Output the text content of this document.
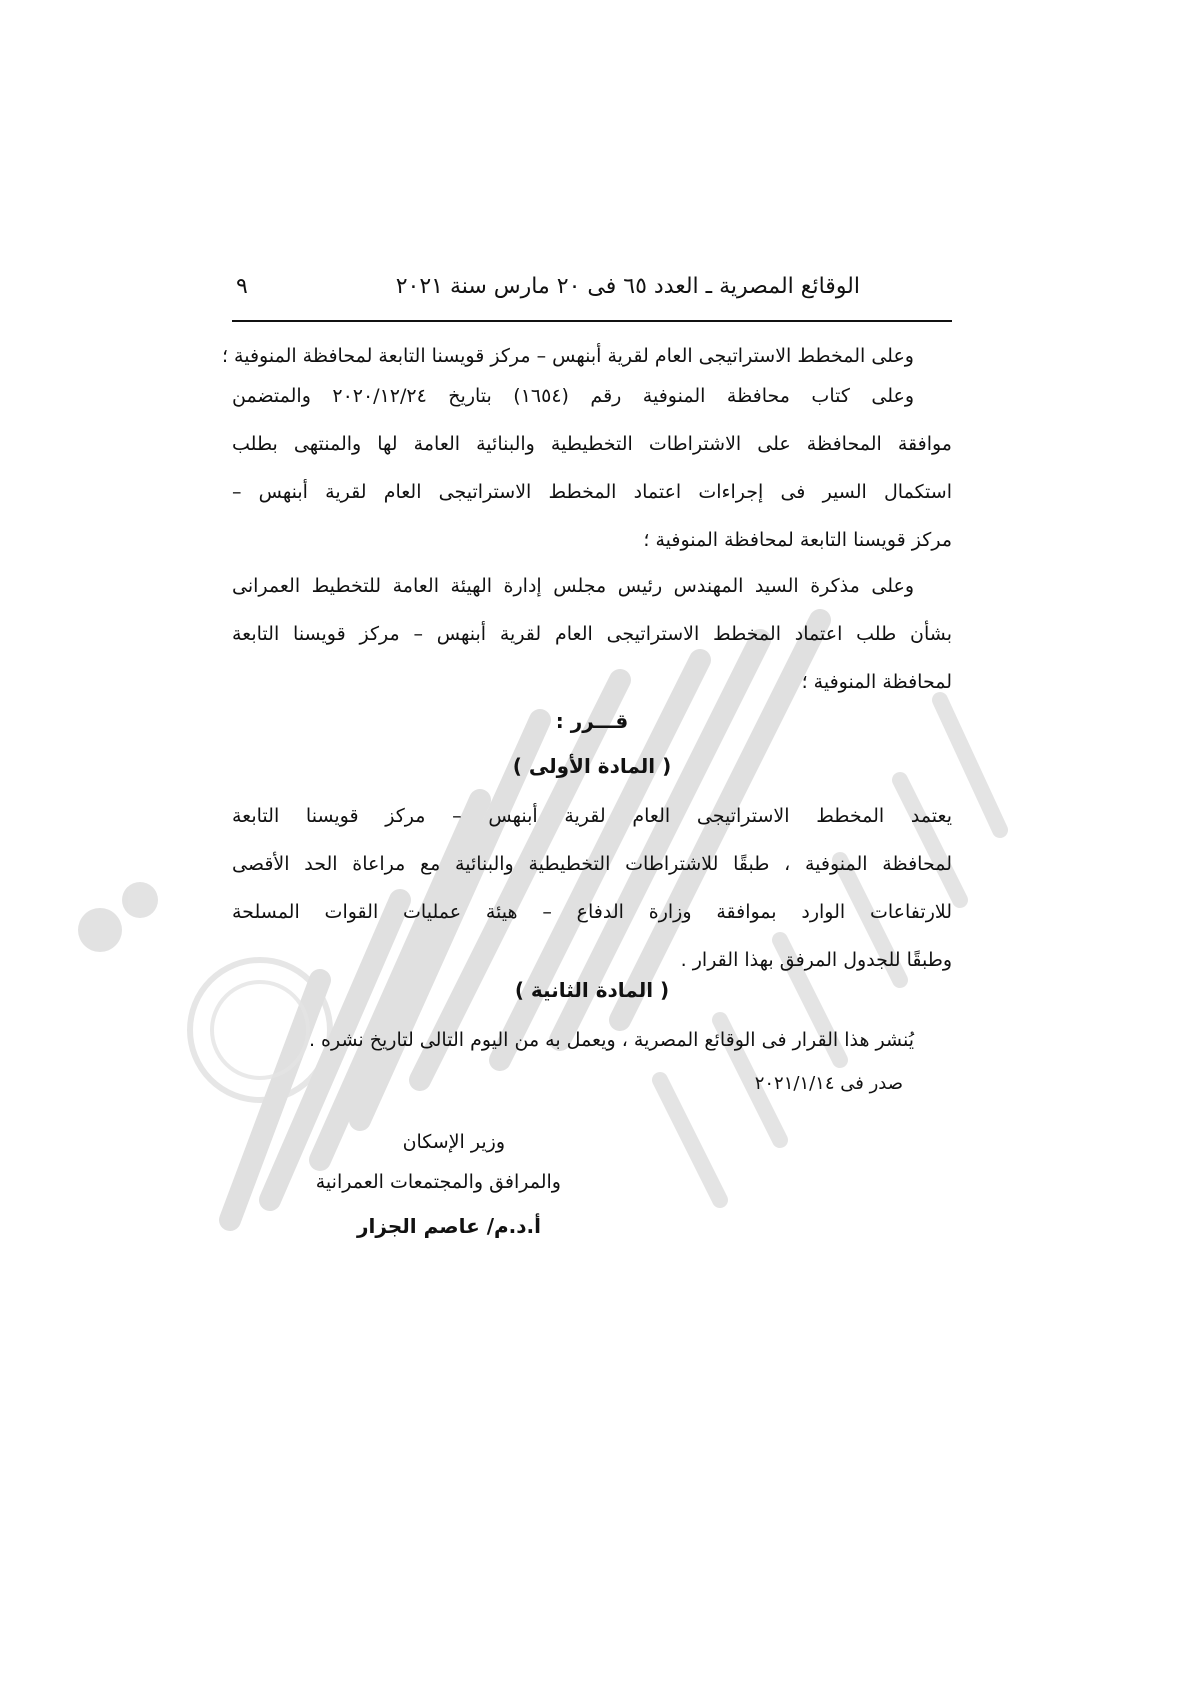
الوقائع المصرية ـ العدد ٦٥ فى ٢٠ مارس سنة ٢٠٢١
٩
وعلى المخطط الاستراتيجى العام لقرية أبنهس – مركز قويسنا التابعة لمحافظة المنوفية ؛
وعلى كتاب محافظة المنوفية رقم (١٦٥٤) بتاريخ ٢٠٢٠/١٢/٢٤ والمتضمن
موافقة المحافظة على الاشتراطات التخطيطية والبنائية العامة لها والمنتهى بطلب
استكمال السير فى إجراءات اعتماد المخطط الاستراتيجى العام لقرية أبنهس –
مركز قويسنا التابعة لمحافظة المنوفية ؛
وعلى مذكرة السيد المهندس رئيس مجلس إدارة الهيئة العامة للتخطيط العمرانى
بشأن طلب اعتماد المخطط الاستراتيجى العام لقرية أبنهس – مركز قويسنا التابعة
لمحافظة المنوفية ؛
قـــرر :
( المادة الأولى )
يعتمد المخطط الاستراتيجى العام لقرية أبنهس – مركز قويسنا التابعة
لمحافظة المنوفية ، طبقًا للاشتراطات التخطيطية والبنائية مع مراعاة الحد الأقصى
للارتفاعات الوارد بموافقة وزارة الدفاع – هيئة عمليات القوات المسلحة
وطبقًا للجدول المرفق بهذا القرار .
( المادة الثانية )
يُنشر هذا القرار فى الوقائع المصرية ، ويعمل به من اليوم التالى لتاريخ نشره .
صدر فى ٢٠٢١/١/١٤
وزير الإسكان
والمرافق والمجتمعات العمرانية
أ.د.م/ عاصم الجزار
